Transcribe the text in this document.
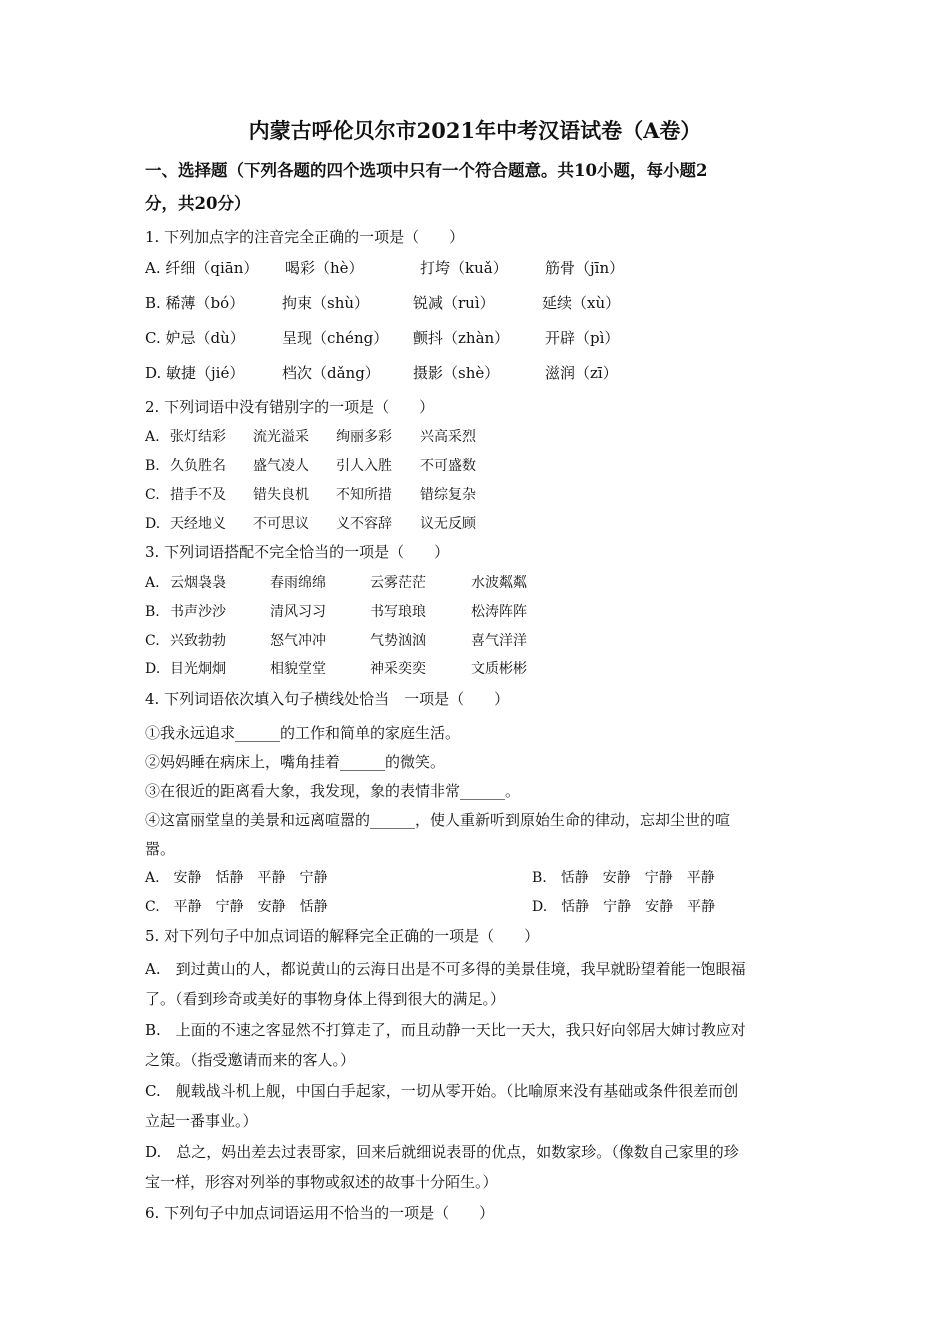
内蒙古呼伦贝尔市2021年中考汉语试卷（A卷）
一、选择题（下列各题的四个选项中只有一个符合题意。共10小题，每小题2
分，共20分）
1. 下列加点字的注音完全正确的一项是（　　）
A. 纤细（qiān） 喝彩（hè）	打垮（kuǎ） 筋骨（jīn）
B. 稀薄（bó）	拘束（shù）	锐减（ruì）	延续（xù）
C. 妒忌（dù） 呈现（chéng） 颤抖（zhàn） 开辟（pì）
D. 敏捷（jié）	档次（dǎng） 摄影（shè）	滋润（zī）
2. 下列词语中没有错别字的一项是（　　）
A. 张灯结彩 流光溢采 绚丽多彩 兴高采烈
B. 久负胜名 盛气凌人 引人入胜 不可盛数
C. 措手不及 错失良机 不知所措 错综复杂
D. 天经地义 不可思议 义不容辞 议无反顾
3. 下列词语搭配不完全恰当的一项是（　　）
A. 云烟袅袅	春雨绵绵	云雾茫茫	水波粼粼
B. 书声沙沙	清风习习	书写琅琅	松涛阵阵
C. 兴致勃勃	怒气冲冲	气势汹汹	喜气洋洋
D. 目光炯炯	相貌堂堂	神采奕奕	文质彬彬
4. 下列词语依次填入句子横线处恰当　一项是（　　）
①我永远追求______的工作和简单的家庭生活。
②妈妈睡在病床上，嘴角挂着______的微笑。
③在很近的距离看大象，我发现，象的表情非常______。
④这富丽堂皇的美景和远离喧嚣的______，使人重新听到原始生命的律动，忘却尘世的喧
嚣。
A.　安静　恬静　平静　宁静	B.　恬静　安静　宁静　平静
C.　平静　宁静　安静　恬静	D.　恬静　宁静　安静　平静
5. 对下列句子中加点词语的解释完全正确的一项是（　　）
A.　到过黄山的人，都说黄山的云海日出是不可多得的美景佳境，我早就盼望着能一饱眼福
了。（看到珍奇或美好的事物身体上得到很大的满足。）
B.　上面的不速之客显然不打算走了，而且动静一天比一天大，我只好向邻居大婶讨教应对
之策。（指受邀请而来的客人。）
C.　舰载战斗机上舰，中国白手起家，一切从零开始。（比喻原来没有基础或条件很差而创
立起一番事业。）
D.　总之，妈出差去过表哥家，回来后就细说表哥的优点，如数家珍。（像数自己家里的珍
宝一样，形容对列举的事物或叙述的故事十分陌生。）
6. 下列句子中加点词语运用不恰当的一项是（　　）
